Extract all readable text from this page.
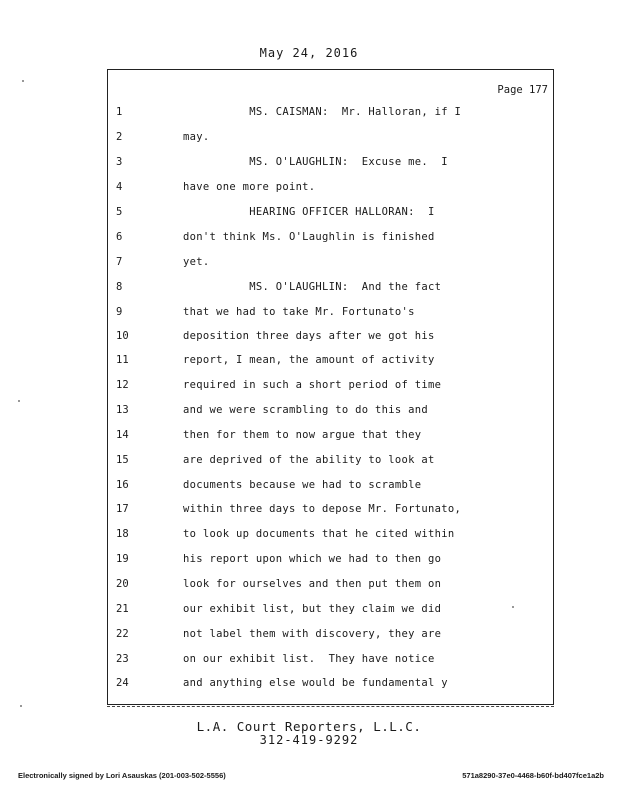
May 24, 2016
Page 177
1	MS. CAISMAN:  Mr. Halloran, if I
2	may.
3	MS. O'LAUGHLIN:  Excuse me.  I
4	have one more point.
5	HEARING OFFICER HALLORAN:  I
6	don't think Ms. O'Laughlin is finished
7	yet.
8	MS. O'LAUGHLIN:  And the fact
9	that we had to take Mr. Fortunato's
10	deposition three days after we got his
11	report, I mean, the amount of activity
12	required in such a short period of time
13	and we were scrambling to do this and
14	then for them to now argue that they
15	are deprived of the ability to look at
16	documents because we had to scramble
17	within three days to depose Mr. Fortunato,
18	to look up documents that he cited within
19	his report upon which we had to then go
20	look for ourselves and then put them on
21	our exhibit list, but they claim we did
22	not label them with discovery, they are
23	on our exhibit list.  They have notice
24	and anything else would be fundamental y
L.A. Court Reporters, L.L.C.
312-419-9292
Electronically signed by Lori Asauskas (201-003-502-5556)	571a8290-37e0-4468-b60f-bd407fce1a2b
